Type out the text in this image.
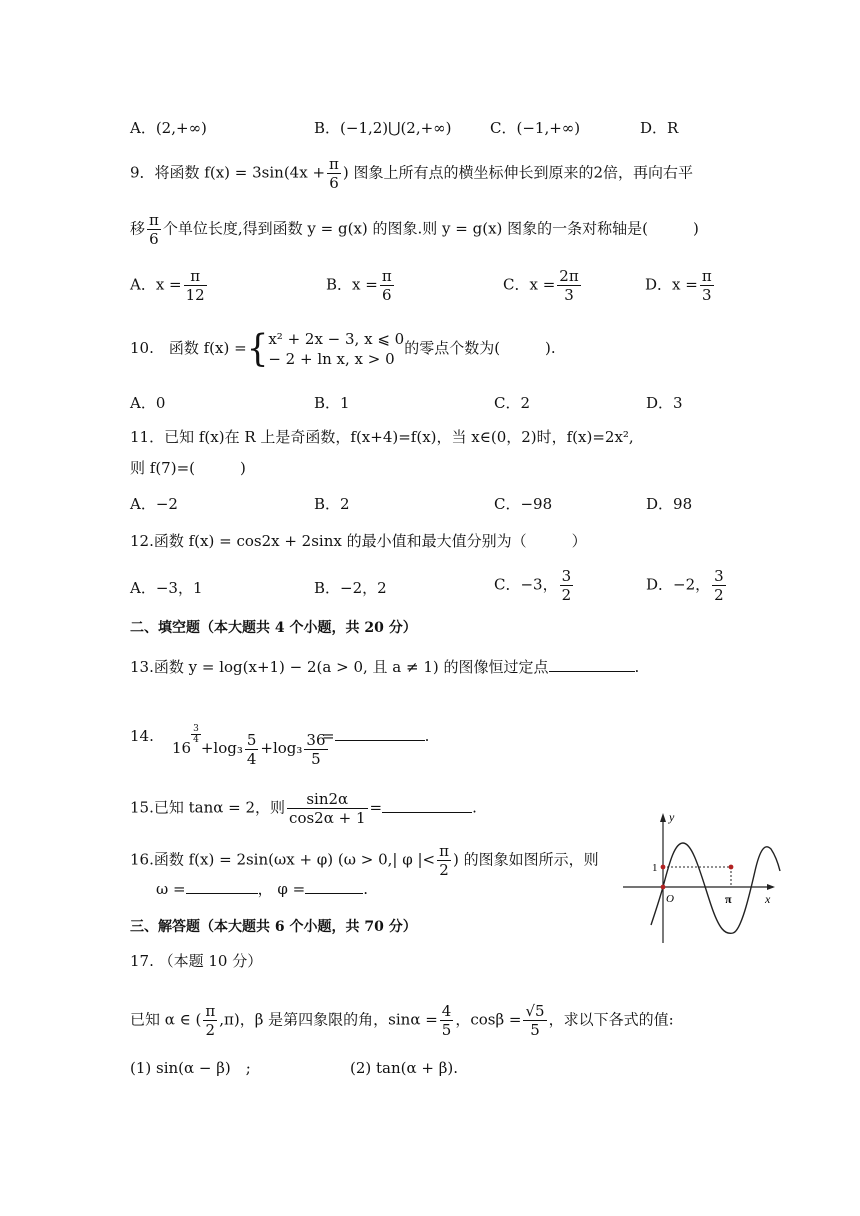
A．(2,+∞)	B．(−1,2)⋃(2,+∞)	C．(−1,+∞)	D．R
9．将函数 $f(x) = 3\sin(4x + \frac{\pi}{6}$ ) 图象上所有点的横坐标伸长到原来的2倍，再向右平
移 $\frac{\pi}{6}$ 个单位长度,得到函数 y = g(x) 的图象.则 y = g(x) 图象的一条对称轴是(　　　)
A．$x = \frac{\pi}{12}$	B．$x = \frac{\pi}{6}$	C．$x = \frac{2\pi}{3}$	D．$x = \frac{\pi}{3}$
10.　函数 f(x) ={ x² + 2x − 3, x ⩽ 0
− 2 + ln x, x > 0
的零点个数为(　　　).
A．0	B．1	C．2	D．3
11．已知 f(x)在 R 上是奇函数，f(x+4)=f(x)，当 x∈(0，2)时，f(x)=2x²,
则 f(7)=(　　　)
A．−2	B．2	C．−98	D．98
12.函数 f(x) = cos2x + 2sinx 的最小值和最大值分别为（　　　）
A．−3，1	B．−2，2	C．−3， $\frac{3}{2}$	D．−2， $\frac{3}{2}$
二、填空题（本大题共 4 个小题，共 20 分）
13.函数 y = log(x+1) − 2(a > 0, 且 a ≠ 1) 的图像恒过定点	.
14.
16
$\frac{3}{4}$
$+\log_3 \frac{5}{4} +\log_3 \frac{36}{5}$
=	.
15.已知 tanα = 2，则 $\frac{\sin 2\alpha}{\cos 2\alpha + 1}$ =	.
16.函数 f(x) = 2sin(ωx + φ) (ω > 0,| φ |< $\frac{\pi}{2}$ ) 的图象如图所示，则
ω =	， φ =	.
y
x
O
1
π
三、解答题（本大题共 6 个小题，共 70 分）
17. （本题 10 分）
已知 α ∈ ( $\frac{\pi}{2} ,\pi$)，β 是第四象限的角，$\sin\alpha = \frac{4}{5}$ ，$\cos\beta = \frac{√5}{5}$ ，求以下各式的值:
(1) sin(α − β)　;	(2) tan(α + β).
